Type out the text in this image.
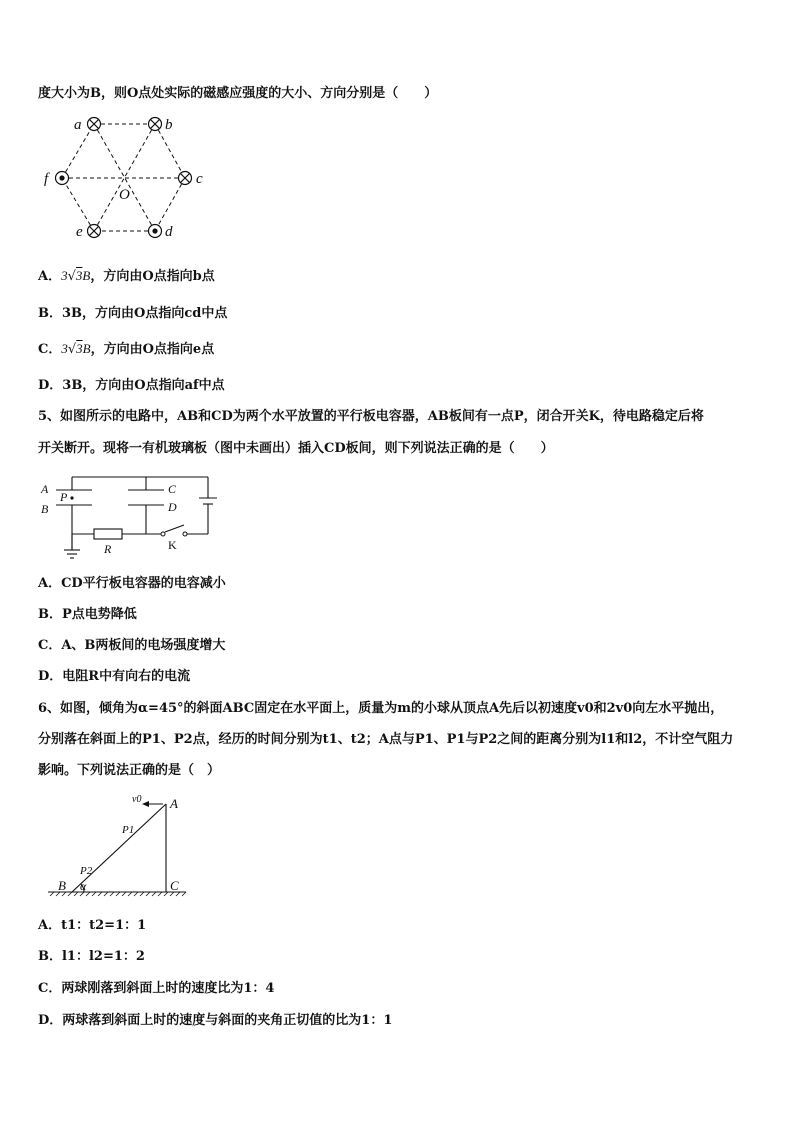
度大小为B，则O点处实际的磁感应强度的大小、方向分别是（　　）
a	b
c
d
e
f
O
A．3√3B，方向由O点指向b点
B．3B，方向由O点指向cd中点
C．3√3B，方向由O点指向e点
D．3B，方向由O点指向af中点
5、如图所示的电路中，AB和CD为两个水平放置的平行板电容器，AB板间有一点P，闭合开关K，待电路稳定后将
开关断开。现将一有机玻璃板（图中未画出）插入CD板间，则下列说法正确的是（　　）
A
P
B
C
D
R	K
A．CD平行板电容器的电容减小
B．P点电势降低
C．A、B两板间的电场强度增大
D．电阻R中有向右的电流
6、如图，倾角为α=45°的斜面ABC固定在水平面上，质量为m的小球从顶点A先后以初速度v0和2v0向左水平抛出，
分别落在斜面上的P1、P2点，经历的时间分别为t1、t2；A点与P1、P1与P2之间的距离分别为l1和l2，不计空气阻力
影响。下列说法正确的是（　）
v0 A
P1
P2
B α	C
A．t1：t2=1：1
B．l1：l2=1：2
C．两球刚落到斜面上时的速度比为1：4
D．两球落到斜面上时的速度与斜面的夹角正切值的比为1：1
